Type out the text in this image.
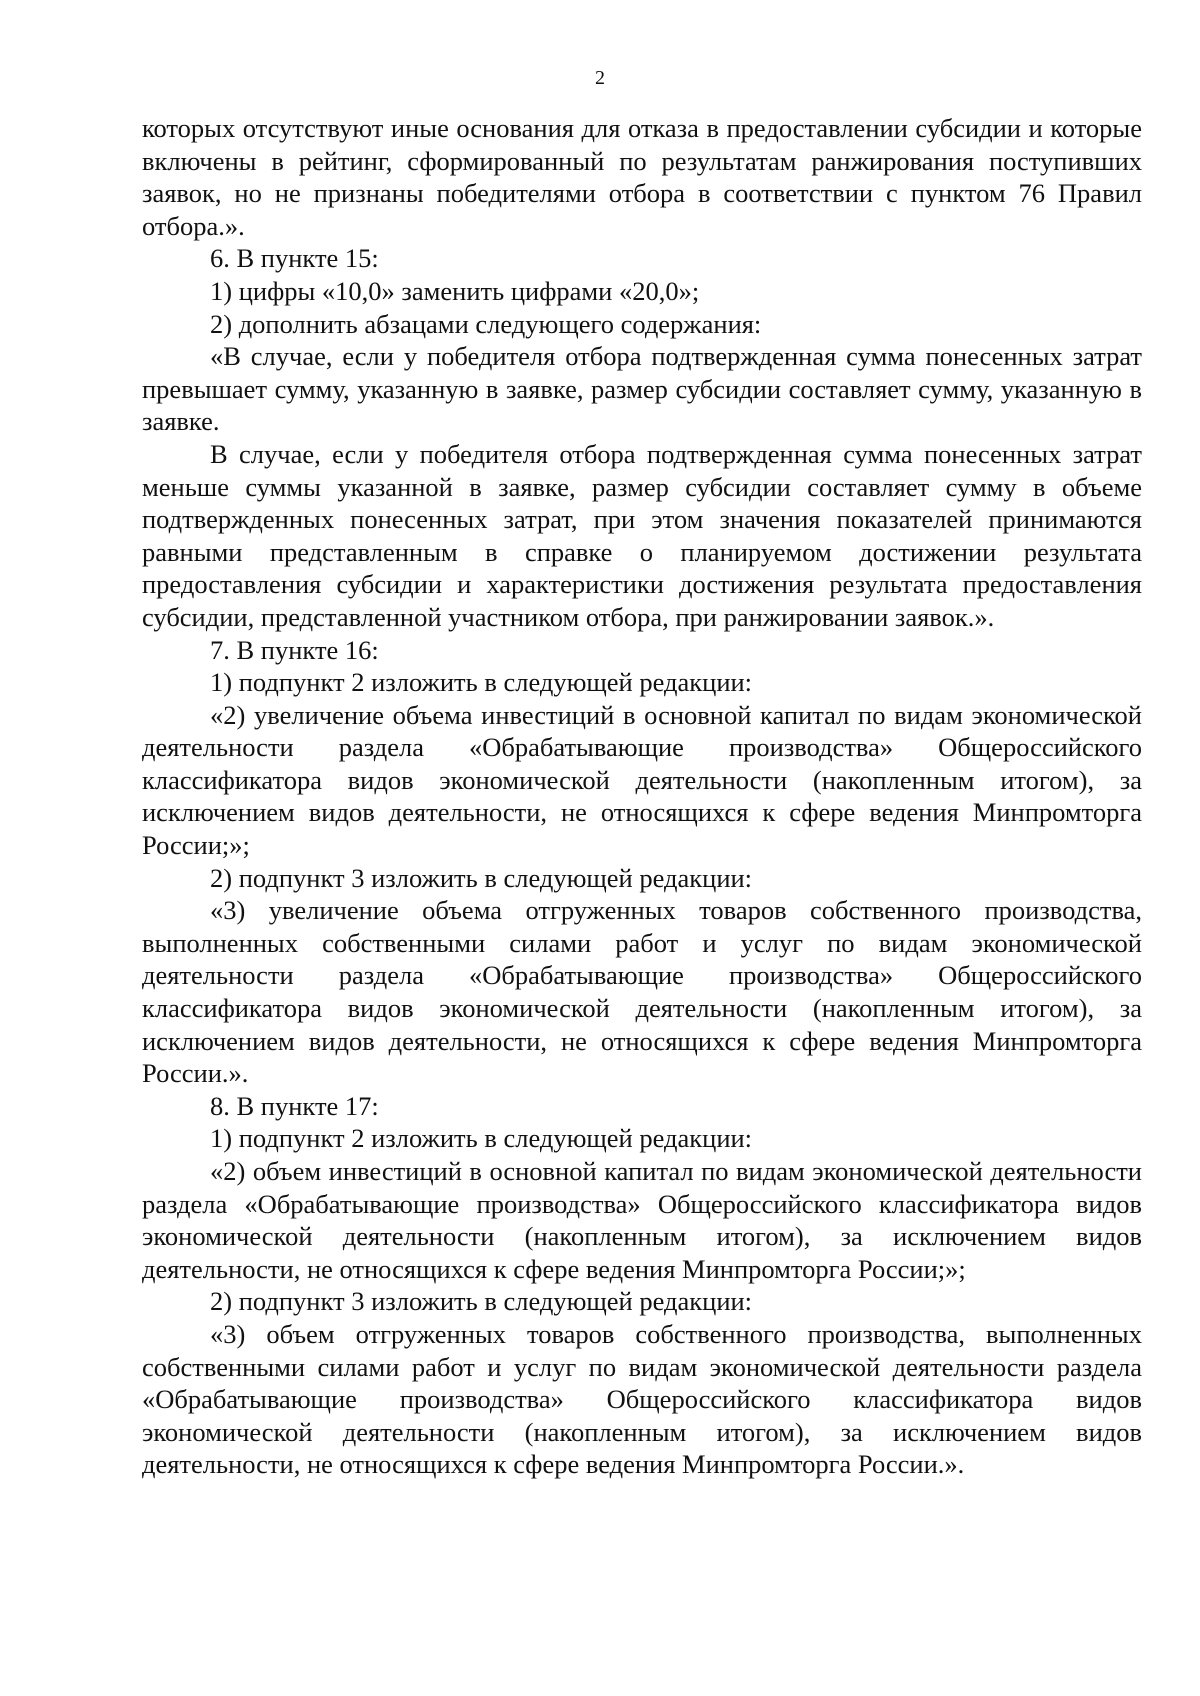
2

которых отсутствуют иные основания для отказа в предоставлении субсидии и которые включены в рейтинг, сформированный по результатам ранжирования поступивших заявок, но не признаны победителями отбора в соответствии с пунктом 76 Правил отбора.».

6. В пункте 15:

1) цифры «10,0» заменить цифрами «20,0»;

2) дополнить абзацами следующего содержания:

«В случае, если у победителя отбора подтвержденная сумма понесенных затрат превышает сумму, указанную в заявке, размер субсидии составляет сумму, указанную в заявке.

В случае, если у победителя отбора подтвержденная сумма понесенных затрат меньше суммы указанной в заявке, размер субсидии составляет сумму в объеме подтвержденных понесенных затрат, при этом значения показателей принимаются равными представленным в справке о планируемом достижении результата предоставления субсидии и характеристики достижения результата предоставления субсидии, представленной участником отбора, при ранжировании заявок.».

7. В пункте 16:

1) подпункт 2 изложить в следующей редакции:

«2) увеличение объема инвестиций в основной капитал по видам экономической деятельности раздела «Обрабатывающие производства» Общероссийского классификатора видов экономической деятельности (накопленным итогом), за исключением видов деятельности, не относящихся к сфере ведения Минпромторга России;»;

2) подпункт 3 изложить в следующей редакции:

«3) увеличение объема отгруженных товаров собственного производства, выполненных собственными силами работ и услуг по видам экономической деятельности раздела «Обрабатывающие производства» Общероссийского классификатора видов экономической деятельности (накопленным итогом), за исключением видов деятельности, не относящихся к сфере ведения Минпромторга России.».

8. В пункте 17:

1) подпункт 2 изложить в следующей редакции:

«2) объем инвестиций в основной капитал по видам экономической деятельности раздела «Обрабатывающие производства» Общероссийского классификатора видов экономической деятельности (накопленным итогом), за исключением видов деятельности, не относящихся к сфере ведения Минпромторга России;»;

2) подпункт 3 изложить в следующей редакции:

«3) объем отгруженных товаров собственного производства, выполненных собственными силами работ и услуг по видам экономической деятельности раздела «Обрабатывающие производства» Общероссийского классификатора видов экономической деятельности (накопленным итогом), за исключением видов деятельности, не относящихся к сфере ведения Минпромторга России.».
